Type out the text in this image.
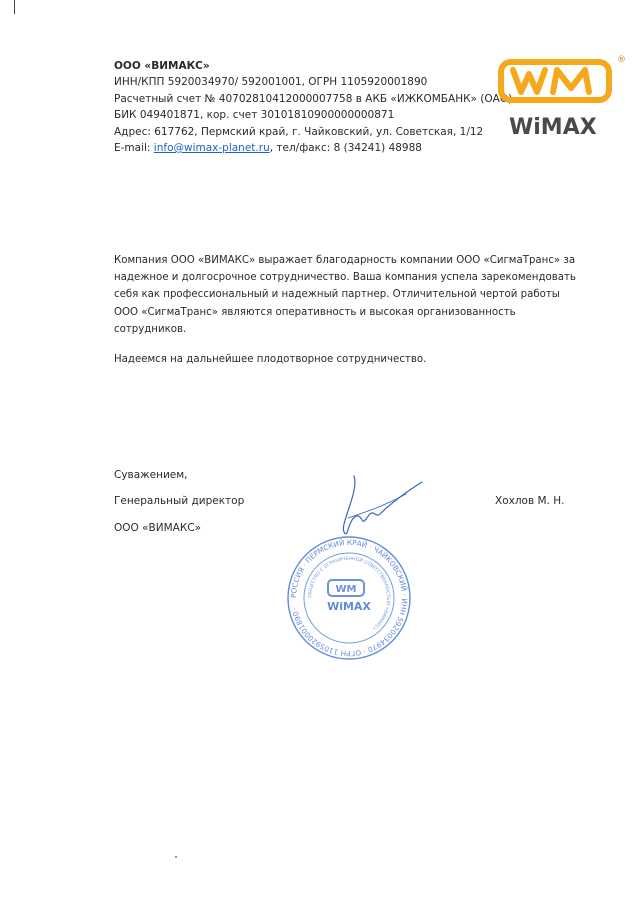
ООО «ВИМАКС»
ИНН/КПП 5920034970/ 592001001, ОГРН 1105920001890
Расчетный счет № 40702810412000007758 в АКБ «ИЖКОМБАНК» (ОАО)
БИК 049401871, кор. счет 30101810900000000871
Адрес: 617762, Пермский край, г. Чайковский, ул. Советская, 1/12
E-mail: info@wimax-planet.ru, тел/факс: 8 (34241) 48988
®
WiMAX

Компания ООО «ВИМАКС» выражает благодарность компании ООО «СигмаТранс» за надежное и долгосрочное сотрудничество. Ваша компания успела зарекомендовать себя как профессиональный и надежный партнер. Отличительной чертой работы ООО «СигмаТранс» являются оперативность и высокая организованность сотрудников.

Надеемся на дальнейшее плодотворное сотрудничество.

Суважением,
Генеральный директор
ООО «ВИМАКС»
Хохлов М. Н.
РОССИЯ · ПЕРМСКИЙ КРАЙ · ЧАЙКОВСКИЙ · ИНН 5920034970 · ОГРН 1105920001890 ·
ОБЩЕСТВО С ОГРАНИЧЕННОЙ ОТВЕТСТВЕННОСТЬЮ «ВИМАКС»
WM
WiMAX
